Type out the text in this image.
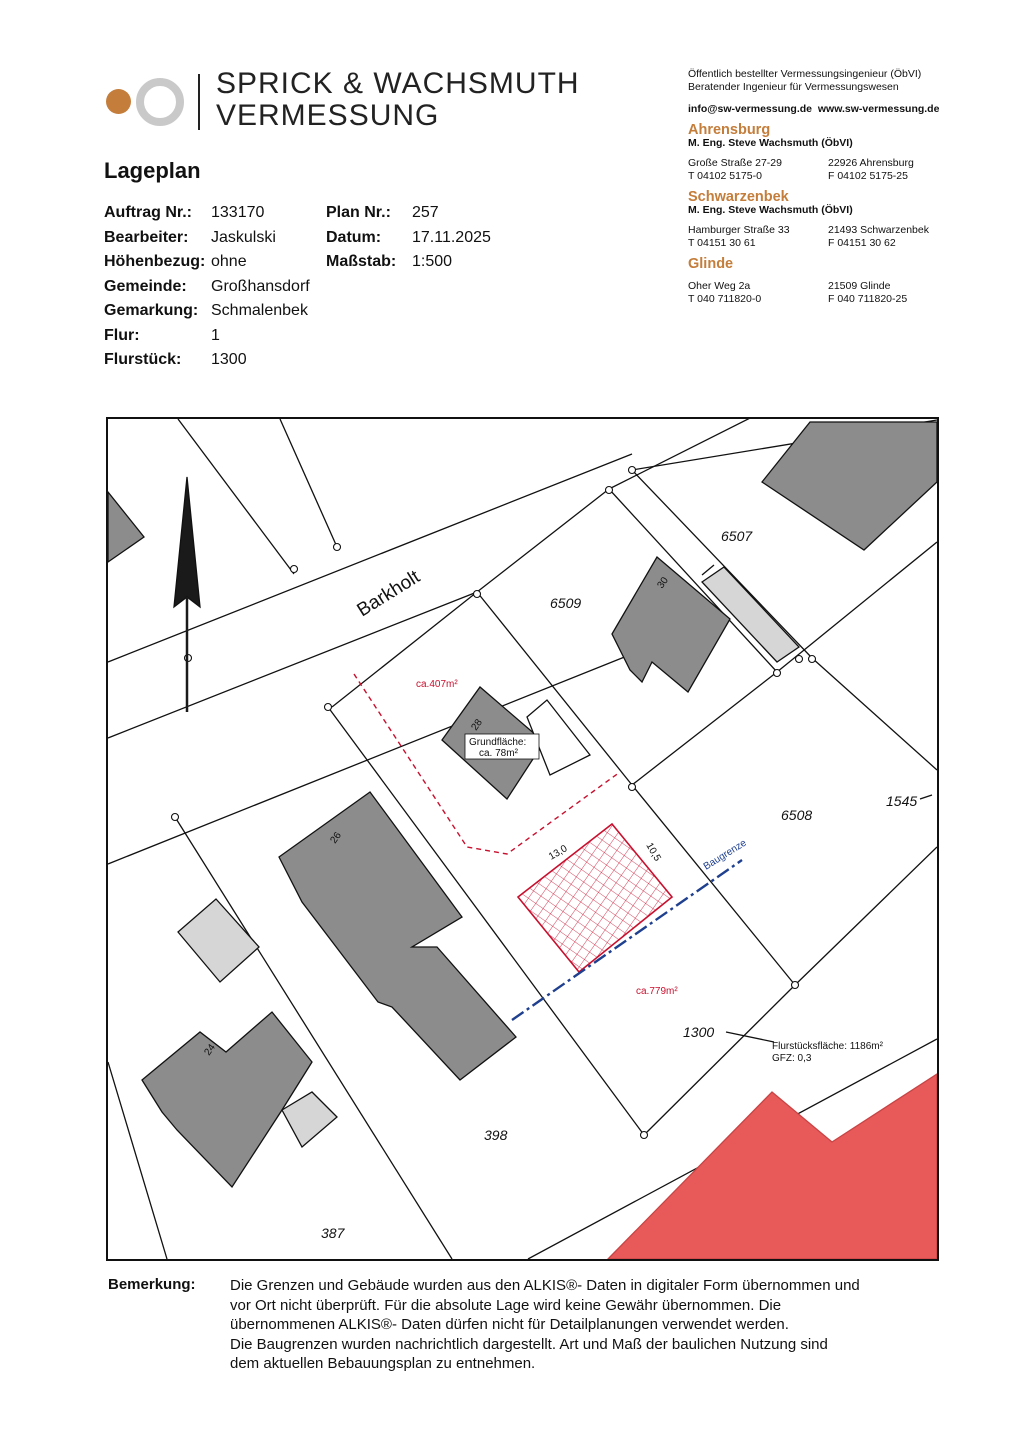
SPRICK & WACHSMUTH
VERMESSUNG
Lageplan
Auftrag Nr.:	133170
Bearbeiter:	Jaskulski
Höhenbezug: ohne
Gemeinde:	Großhansdorf
Gemarkung: Schmalenbek
Flur:	1
Flurstück:	1300
Plan Nr.:	257
Datum:	17.11.2025
Maßstab: 1:500
Öffentlich bestellter Vermessungsingenieur (ÖbVI)
Beratender Ingenieur für Vermessungswesen
info@sw-vermessung.de www.sw-vermessung.de
Ahrensburg
M. Eng. Steve Wachsmuth (ÖbVI)
Große Straße 27-29	22926 Ahrensburg
T 04102 5175-0	F 04102 5175-25
Schwarzenbek
M. Eng. Steve Wachsmuth (ÖbVI)
Hamburger Straße 33	21493 Schwarzenbek
T 04151 30 61	F 04151 30 62
Glinde
Oher Weg 2a	21509 Glinde
T 040 711820-0	F 040 711820-25
Barkholt	6509
6507
6508
1545
1300
398
387
30
28
26
24
ca.407m²
ca.779m²
Grundfläche:
ca. 78m²
13,0	10,5	Baugrenze
Flurstücksfläche: 1186m²
GFZ: 0,3
Bemerkung: Die Grenzen und Gebäude wurden aus den ALKIS®- Daten in digitaler Form übernommen und
vor Ort nicht überprüft. Für die absolute Lage wird keine Gewähr übernommen. Die
übernommenen ALKIS®- Daten dürfen nicht für Detailplanungen verwendet werden.
Die Baugrenzen wurden nachrichtlich dargestellt. Art und Maß der baulichen Nutzung sind
dem aktuellen Bebauungsplan zu entnehmen.
